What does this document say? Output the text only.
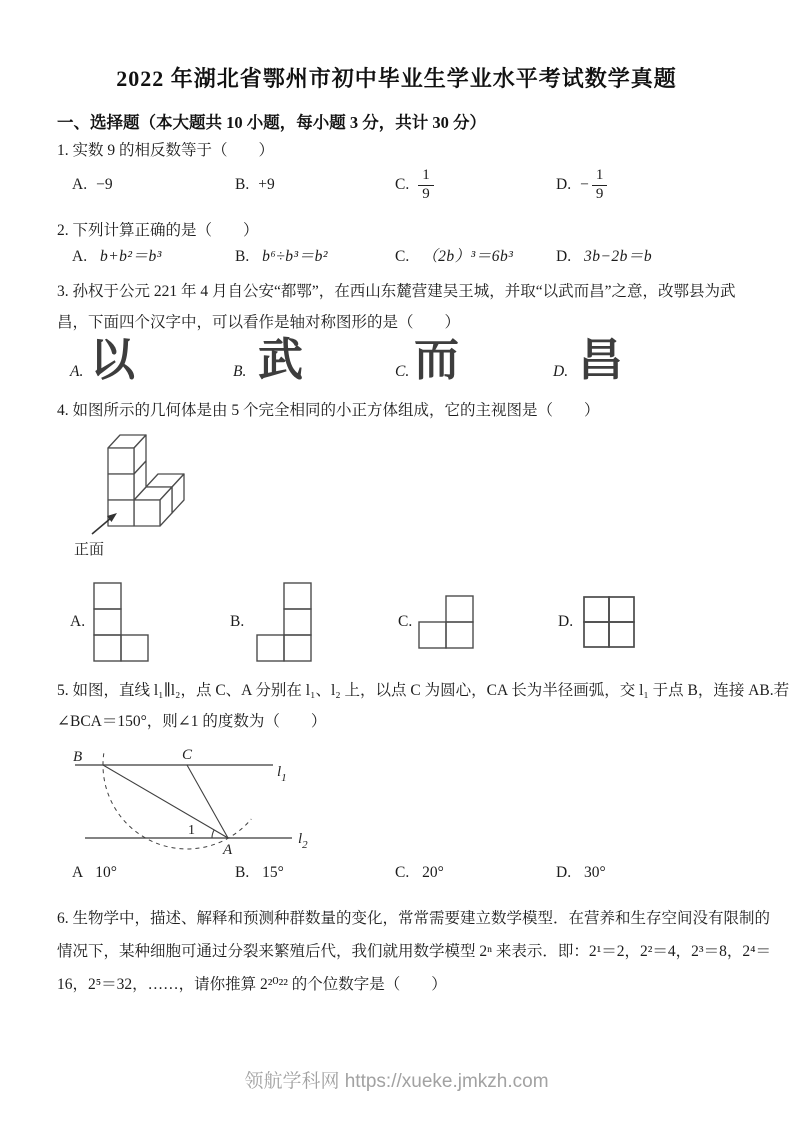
2022 年湖北省鄂州市初中毕业生学业水平考试数学真题
一、选择题（本大题共 10 小题，每小题 3 分，共计 30 分）
1. 实数 9 的相反数等于（　　）
A. −9	B. +9	C. $\frac{1}{9}$	D. − $\frac{1}{9}$
2. 下列计算正确的是（　　）
A. b+b²＝b³	B. b⁶÷b³＝b²	C. （2b）³＝6b³	D. 3b−2b＝b
3. 孙权于公元 221 年 4 月自公安“都鄂”，在西山东麓营建吴王城，并取“以武而昌”之意，改鄂县为武
昌，下面四个汉字中，可以看作是轴对称图形的是（　　）
A. 以	B. 武	C. 而	D. 昌
4. 如图所示的几何体是由 5 个完全相同的小正方体组成，它的主视图是（　　）
正面
A.	B.	C.	D.
5. 如图，直线 l₁∥l₂，点 C、A 分别在 l₁、l₂ 上，以点 C 为圆心，CA 长为半径画弧，交 l₁ 于点 B，连接 AB.若
∠BCA＝150°，则∠1 的度数为（　　）
B	C
A
1
$l_1$
$l_2$
A 10°	B. 15°	C. 20°	D. 30°
6. 生物学中，描述、解释和预测种群数量的变化，常常需要建立数学模型．在营养和生存空间没有限制的
情况下，某种细胞可通过分裂来繁殖后代，我们就用数学模型 2ⁿ 来表示．即：2¹＝2，2²＝4，2³＝8，2⁴＝
16，2⁵＝32，……，请你推算 2²⁰²² 的个位数字是（　　）
领航学科网 https://xueke.jmkzh.com
